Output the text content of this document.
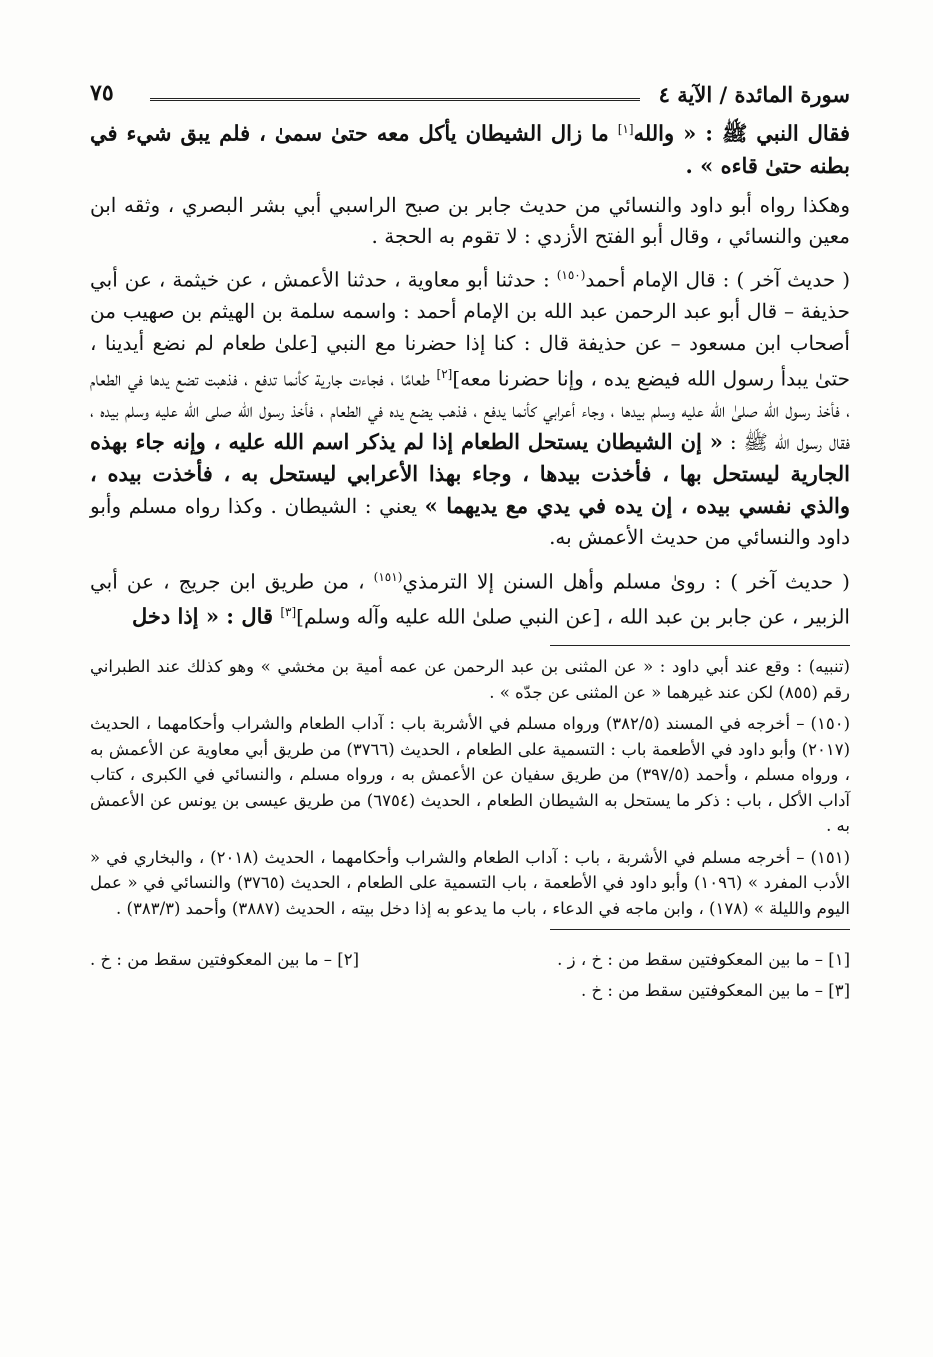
سورة المائدة / الآية ٤
٧٥

فقال النبي ﷺ : « والله[١] ما زال الشيطان يأكل معه حتىٰ سمىٰ ، فلم يبق شيء في بطنه حتىٰ قاءه » .

وهكذا رواه أبو داود والنسائي من حديث جابر بن صبح الراسبي أبي بشر البصري ، وثقه ابن معين والنسائي ، وقال أبو الفتح الأزدي : لا تقوم به الحجة .

( حديث آخر ) : قال الإمام أحمد$^{(١٥٠)}$ : حدثنا أبو معاوية ، حدثنا الأعمش ، عن خيثمة ، عن أبي حذيفة – قال أبو عبد الرحمن عبد الله بن الإمام أحمد : واسمه سلمة بن الهيثم بن صهيب من أصحاب ابن مسعود – عن حذيفة قال : كنا إذا حضرنا مع النبي [علىٰ طعام لم نضع أيدينا ، حتىٰ يبدأ رسول الله فيضع يده ، وإنا حضرنا معه][٢] طعامًا ، فجاءت جارية كأنما تدفع ، فذهبت تضع يدها في الطعام ، فأخذ رسول الله صلىٰ الله عليه وسلم بيدها ، وجاء أعرابي كأنما يدفع ، فذهب يضع يده في الطعام ، فأخذ رسول الله صلى الله عليه وسلم بيده ، فقال رسول الله ﷺ : « إن الشيطان يستحل الطعام إذا لم يذكر اسم الله عليه ، وإنه جاء بهذه الجارية ليستحل بها ، فأخذت بيدها ، وجاء بهذا الأعرابي ليستحل به ، فأخذت بيده ، والذي نفسي بيده ، إن يده في يدي مع يديهما » يعني : الشيطان . وكذا رواه مسلم وأبو داود والنسائي من حديث الأعمش به.

( حديث آخر ) : روىٰ مسلم وأهل السنن إلا الترمذي$^{(١٥١)}$ ، من طريق ابن جريج ، عن أبي الزبير ، عن جابر بن عبد الله ، [عن النبي صلىٰ الله عليه وآله وسلم][٣] قال : « إذا دخل

(تنبيه) : وقع عند أبي داود : « عن المثنى بن عبد الرحمن عن عمه أمية بن مخشي » وهو كذلك عند الطبراني رقم (٨٥٥) لكن عند غيرهما « عن المثنى عن جدّه » .

(١٥٠) – أخرجه في المسند (٣٨٢/٥) ورواه مسلم في الأشربة باب : آداب الطعام والشراب وأحكامهما ، الحديث (٢٠١٧) وأبو داود في الأطعمة باب : التسمية على الطعام ، الحديث (٣٧٦٦) من طريق أبي معاوية عن الأعمش به ، ورواه مسلم ، وأحمد (٣٩٧/٥) من طريق سفيان عن الأعمش به ، ورواه مسلم ، والنسائي في الكبرى ، كتاب آداب الأكل ، باب : ذكر ما يستحل به الشيطان الطعام ، الحديث (٦٧٥٤) من طريق عيسى بن يونس عن الأعمش به .

(١٥١) – أخرجه مسلم في الأشربة ، باب : آداب الطعام والشراب وأحكامهما ، الحديث (٢٠١٨) ، والبخاري في « الأدب المفرد » (١٠٩٦) وأبو داود في الأطعمة ، باب التسمية على الطعام ، الحديث (٣٧٦٥) والنسائي في « عمل اليوم والليلة » (١٧٨) ، وابن ماجه في الدعاء ، باب ما يدعو به إذا دخل بيته ، الحديث (٣٨٨٧) وأحمد (٣٨٣/٣) .

[١] – ما بين المعكوفتين سقط من : خ ، ز .
[٢] – ما بين المعكوفتين سقط من : خ .
[٣] – ما بين المعكوفتين سقط من : خ .
